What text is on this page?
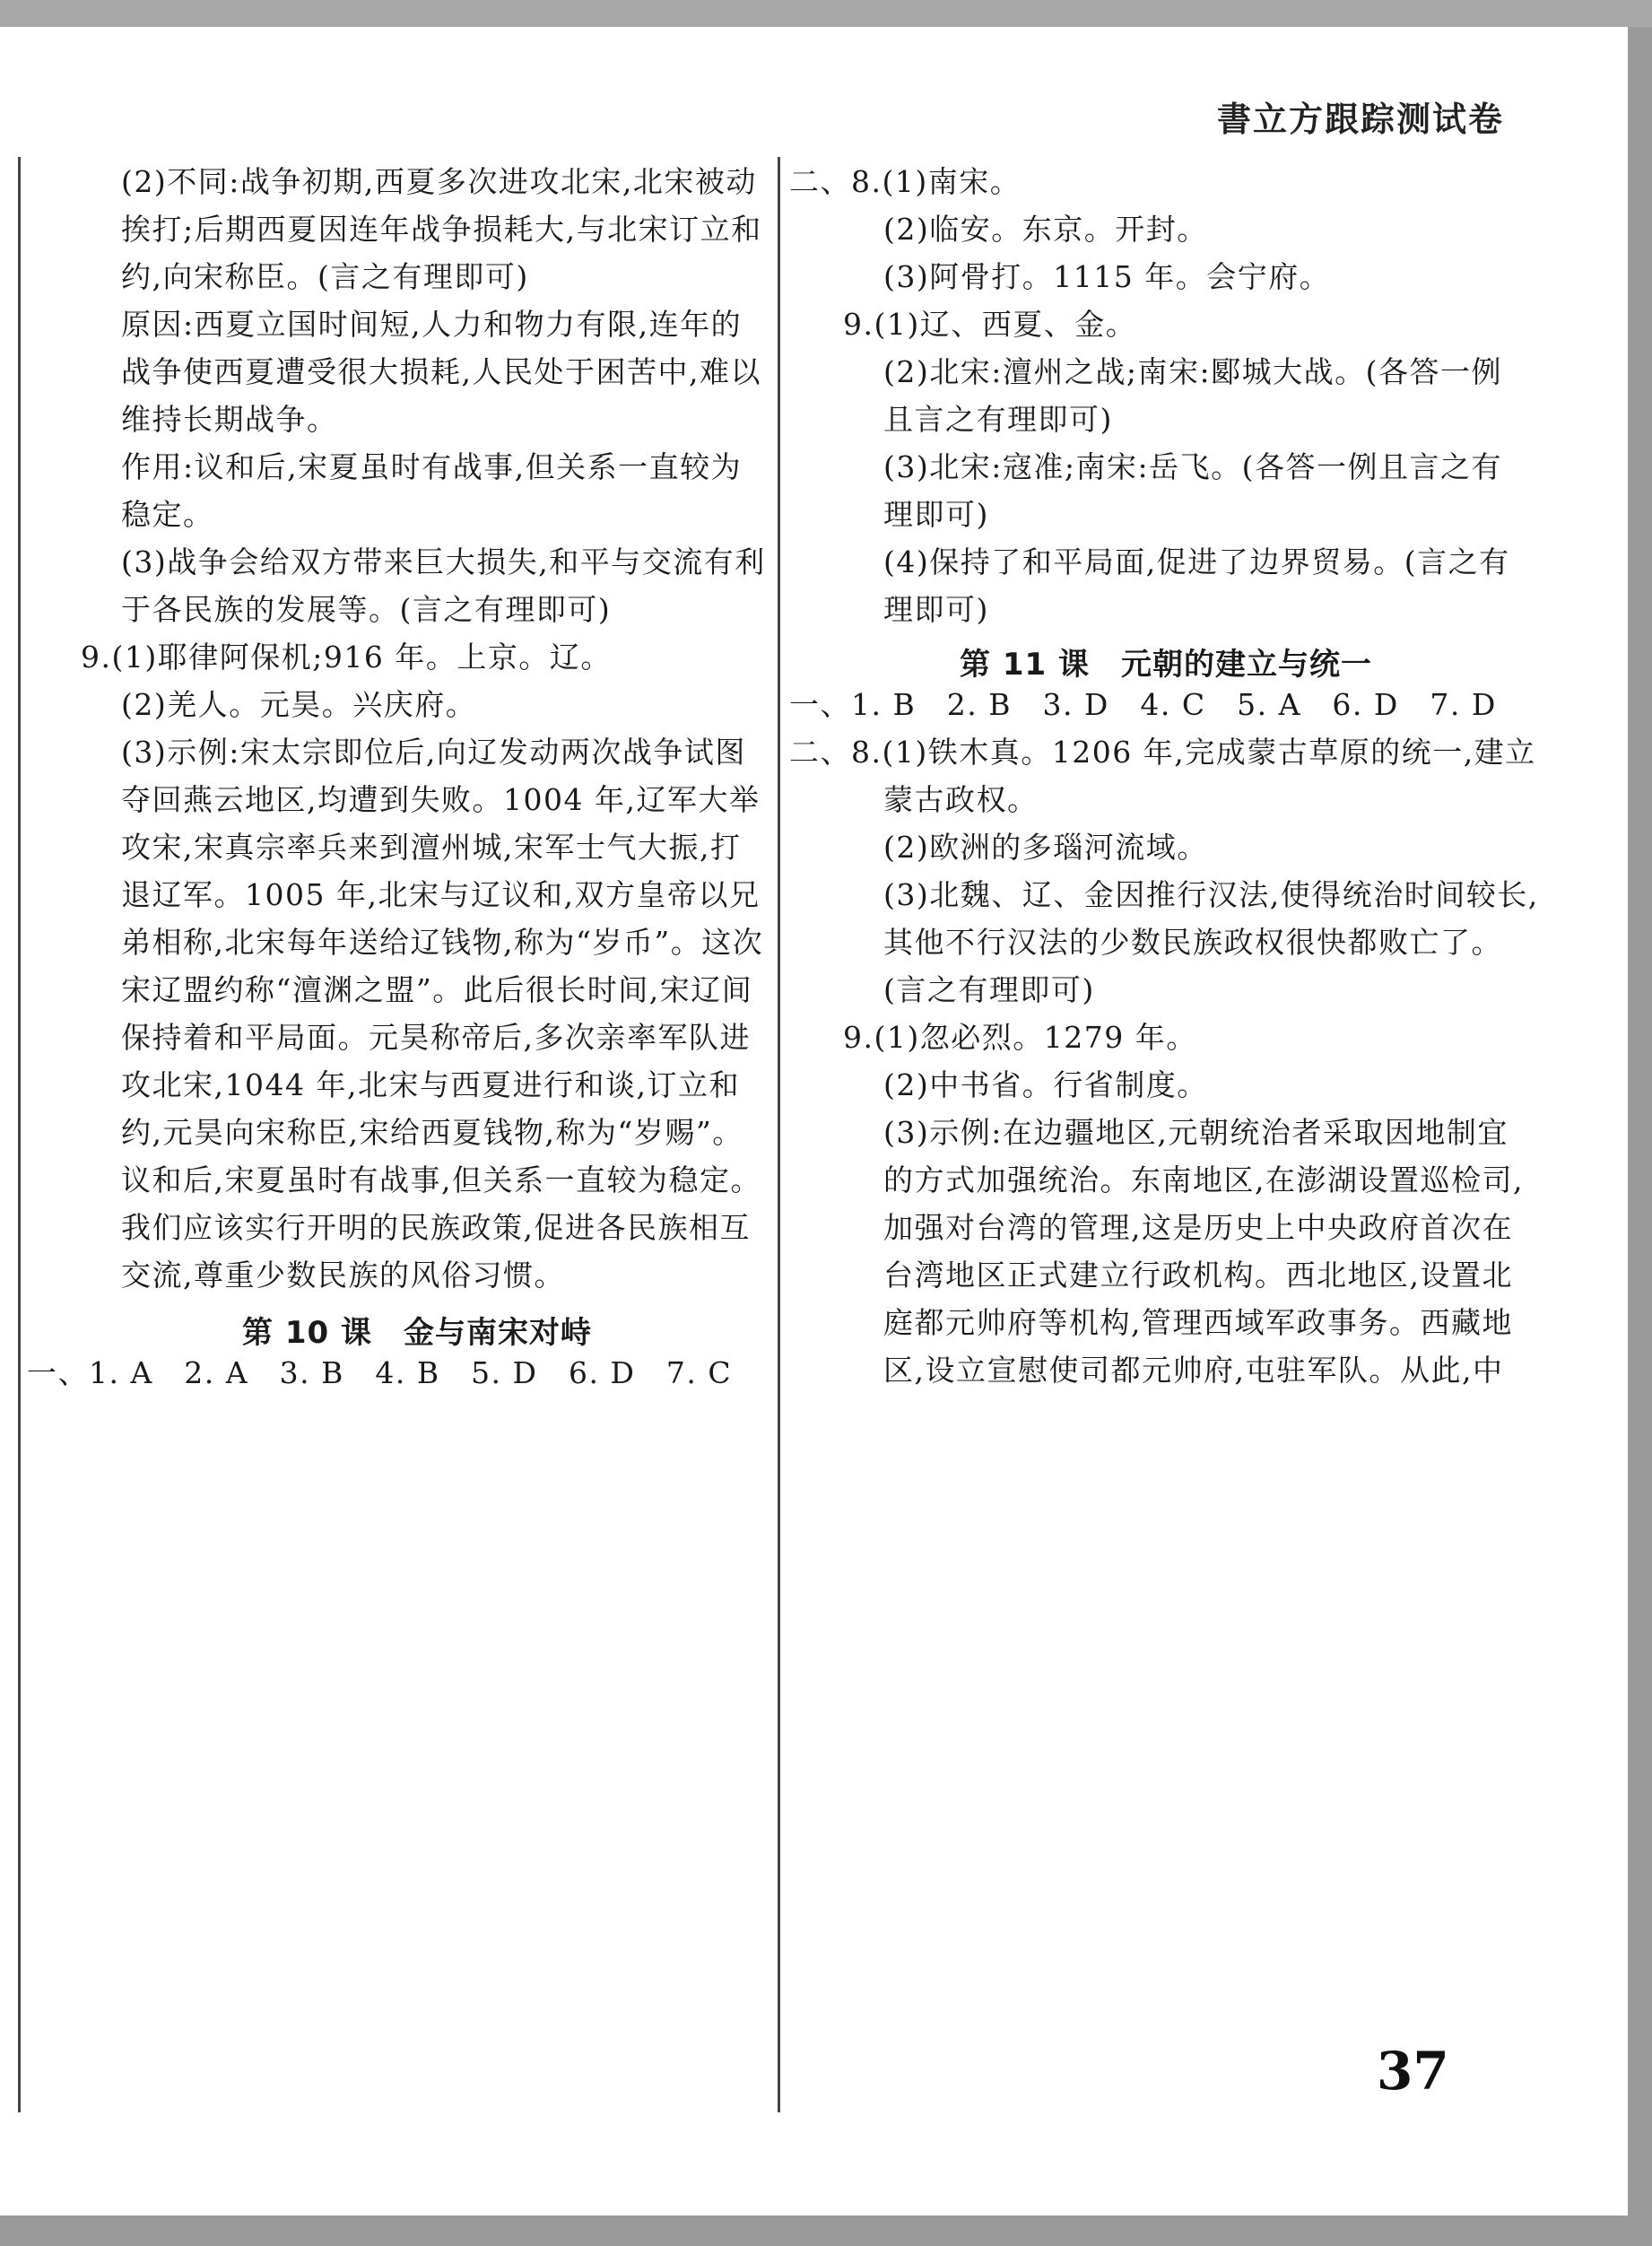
書立方跟踪测试卷
(2)不同:战争初期,西夏多次进攻北宋,北宋被动
挨打;后期西夏因连年战争损耗大,与北宋订立和
约,向宋称臣。(言之有理即可)
原因:西夏立国时间短,人力和物力有限,连年的
战争使西夏遭受很大损耗,人民处于困苦中,难以
维持长期战争。
作用:议和后,宋夏虽时有战事,但关系一直较为
稳定。
(3)战争会给双方带来巨大损失,和平与交流有利
于各民族的发展等。(言之有理即可)
9.(1)耶律阿保机;916 年。上京。辽。
(2)羌人。元昊。兴庆府。
(3)示例:宋太宗即位后,向辽发动两次战争试图
夺回燕云地区,均遭到失败。1004 年,辽军大举
攻宋,宋真宗率兵来到澶州城,宋军士气大振,打
退辽军。1005 年,北宋与辽议和,双方皇帝以兄
弟相称,北宋每年送给辽钱物,称为“岁币”。这次
宋辽盟约称“澶渊之盟”。此后很长时间,宋辽间
保持着和平局面。元昊称帝后,多次亲率军队进
攻北宋,1044 年,北宋与西夏进行和谈,订立和
约,元昊向宋称臣,宋给西夏钱物,称为“岁赐”。
议和后,宋夏虽时有战事,但关系一直较为稳定。
我们应该实行开明的民族政策,促进各民族相互
交流,尊重少数民族的风俗习惯。
第 10 课　金与南宋对峙
一、1. A　2. A　3. B　4. B　5. D　6. D　7. C
二、8.(1)南宋。
(2)临安。东京。开封。
(3)阿骨打。1115 年。会宁府。
9.(1)辽、西夏、金。
(2)北宋:澶州之战;南宋:郾城大战。(各答一例
且言之有理即可)
(3)北宋:寇准;南宋:岳飞。(各答一例且言之有
理即可)
(4)保持了和平局面,促进了边界贸易。(言之有
理即可)
第 11 课　元朝的建立与统一
一、1. B　2. B　3. D　4. C　5. A　6. D　7. D
二、8.(1)铁木真。1206 年,完成蒙古草原的统一,建立
蒙古政权。
(2)欧洲的多瑙河流域。
(3)北魏、辽、金因推行汉法,使得统治时间较长,
其他不行汉法的少数民族政权很快都败亡了。
(言之有理即可)
9.(1)忽必烈。1279 年。
(2)中书省。行省制度。
(3)示例:在边疆地区,元朝统治者采取因地制宜
的方式加强统治。东南地区,在澎湖设置巡检司,
加强对台湾的管理,这是历史上中央政府首次在
台湾地区正式建立行政机构。西北地区,设置北
庭都元帅府等机构,管理西域军政事务。西藏地
区,设立宣慰使司都元帅府,屯驻军队。从此,中
37
